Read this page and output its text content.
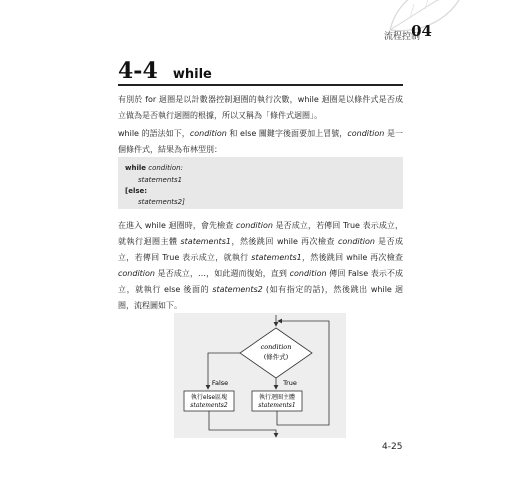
流程控制
04
4-4 while
有別於 for 迴圈是以計數器控制迴圈的執行次數，while 迴圈是以條件式是否成立做為是否執行迴圈的根據，所以又稱為「條件式迴圈」。
while 的語法如下，condition 和 else 關鍵字後面要加上冒號，condition 是一個條件式，結果為布林型別：
while condition:
statements1
[else:
statements2]
在進入 while 迴圈時，會先檢查 condition 是否成立，若傳回 True 表示成立，就執行迴圈主體 statements1，然後跳回 while 再次檢查 condition 是否成立，若傳回 True 表示成立，就執行 statements1，然後跳回 while 再次檢查 condition 是否成立，…，如此週而復始，直到 condition 傳回 False 表示不成立，就執行 else 後面的 statements2 (如有指定的話)，然後跳出 while 迴圈，流程圖如下。
condition
(條件式)
False	True
執行else區塊
statements2
執行迴圈主體
statements1
4-25
